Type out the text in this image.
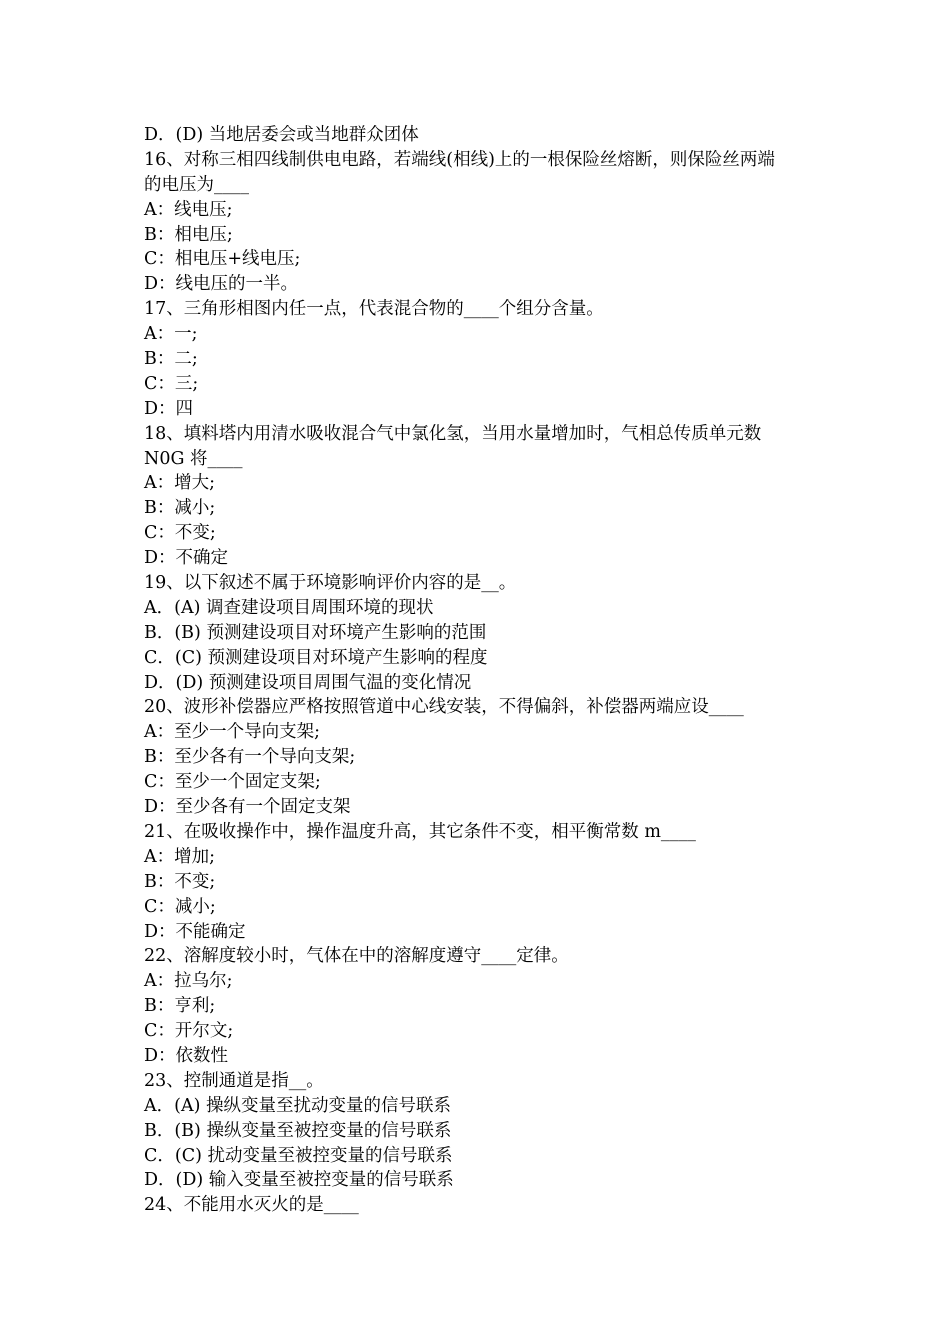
D．(D) 当地居委会或当地群众团体
16、对称三相四线制供电电路，若端线(相线)上的一根保险丝熔断，则保险丝两端
的电压为____
A：线电压;
B：相电压;
C：相电压+线电压;
D：线电压的一半。
17、三角形相图内任一点，代表混合物的____个组分含量。
A：一;
B：二;
C：三;
D：四
18、填料塔内用清水吸收混合气中氯化氢，当用水量增加时，气相总传质单元数
N0G 将____
A：增大;
B：减小;
C：不变;
D：不确定
19、以下叙述不属于环境影响评价内容的是__。
A．(A) 调查建设项目周围环境的现状
B．(B) 预测建设项目对环境产生影响的范围
C．(C) 预测建设项目对环境产生影响的程度
D．(D) 预测建设项目周围气温的变化情况
20、波形补偿器应严格按照管道中心线安装，不得偏斜，补偿器两端应设____
A：至少一个导向支架;
B：至少各有一个导向支架;
C：至少一个固定支架;
D：至少各有一个固定支架
21、在吸收操作中，操作温度升高，其它条件不变，相平衡常数 m____
A：增加;
B：不变;
C：减小;
D：不能确定
22、溶解度较小时，气体在中的溶解度遵守____定律。
A：拉乌尔;
B：亨利;
C：开尔文;
D：依数性
23、控制通道是指__。
A．(A) 操纵变量至扰动变量的信号联系
B．(B) 操纵变量至被控变量的信号联系
C．(C) 扰动变量至被控变量的信号联系
D．(D) 输入变量至被控变量的信号联系
24、不能用水灭火的是____
